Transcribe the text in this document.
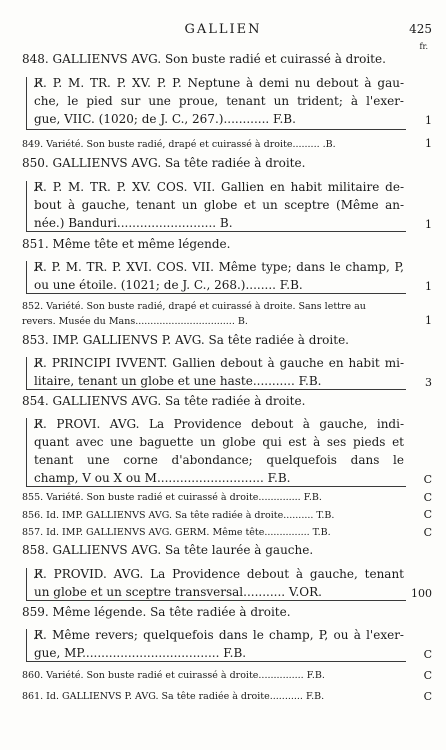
GALLIEN	425
fr.
848. GALLIENVS AVG. Son buste radié et cuirassé à droite.
R̸. P. M. TR. P. XV. P. P. Neptune à demi nu debout à gau-
che, le pied sur une proue, tenant un trident; à l'exer-
gue, VIIC. (1020; de J. C., 267.)............ F.B.
849. Variété. Son buste radié, drapé et cuirassé à droite......... .B.
850. GALLIENVS AVG. Sa tête radiée à droite.
R̸. P. M. TR. P. XV. COS. VII. Gallien en habit militaire de-
bout à gauche, tenant un globe et un sceptre (Même an-
née.) Banduri.......................... B.
851. Même tête et même légende.
R̸. P. M. TR. P. XVI. COS. VII. Même type; dans le champ, P,
ou une étoile. (1021; de J. C., 268.)........ F.B.
852. Variété. Son buste radié, drapé et cuirassé à droite. Sans lettre au
revers. Musée du Mans................................. B.
853. IMP. GALLIENVS P. AVG. Sa tête radiée à droite.
R̸. PRINCIPI IVVENT. Gallien debout à gauche en habit mi-
litaire, tenant un globe et une haste........... F.B.
854. GALLIENVS AVG. Sa tête radiée à droite.
R̸. PROVI. AVG. La Providence debout à gauche, indi-
quant avec une baguette un globe qui est à ses pieds et
tenant une corne d'abondance; quelquefois dans le
champ, V ou X ou M............................ F.B.
855. Variété. Son buste radié et cuirassé à droite.............. F.B.
856. Id. IMP. GALLIENVS AVG. Sa tête radiée à droite.......... T.B.
857. Id. IMP. GALLIENVS AVG. GERM. Même tête............... T.B.
858. GALLIENVS AVG. Sa tête laurée à gauche.
R̸. PROVID. AVG. La Providence debout à gauche, tenant
un globe et un sceptre transversal........... V.OR.
859. Même légende. Sa tête radiée à droite.
R̸. Même revers; quelquefois dans le champ, P, ou à l'exer-
gue, MP.................................... F.B.
860. Variété. Son buste radié et cuirassé à droite............... F.B.
861. Id. GALLIENVS P. AVG. Sa tête radiée à droite........... F.B.
1
1
1
1
1
3
C
C
C
C
100
C
C
C
